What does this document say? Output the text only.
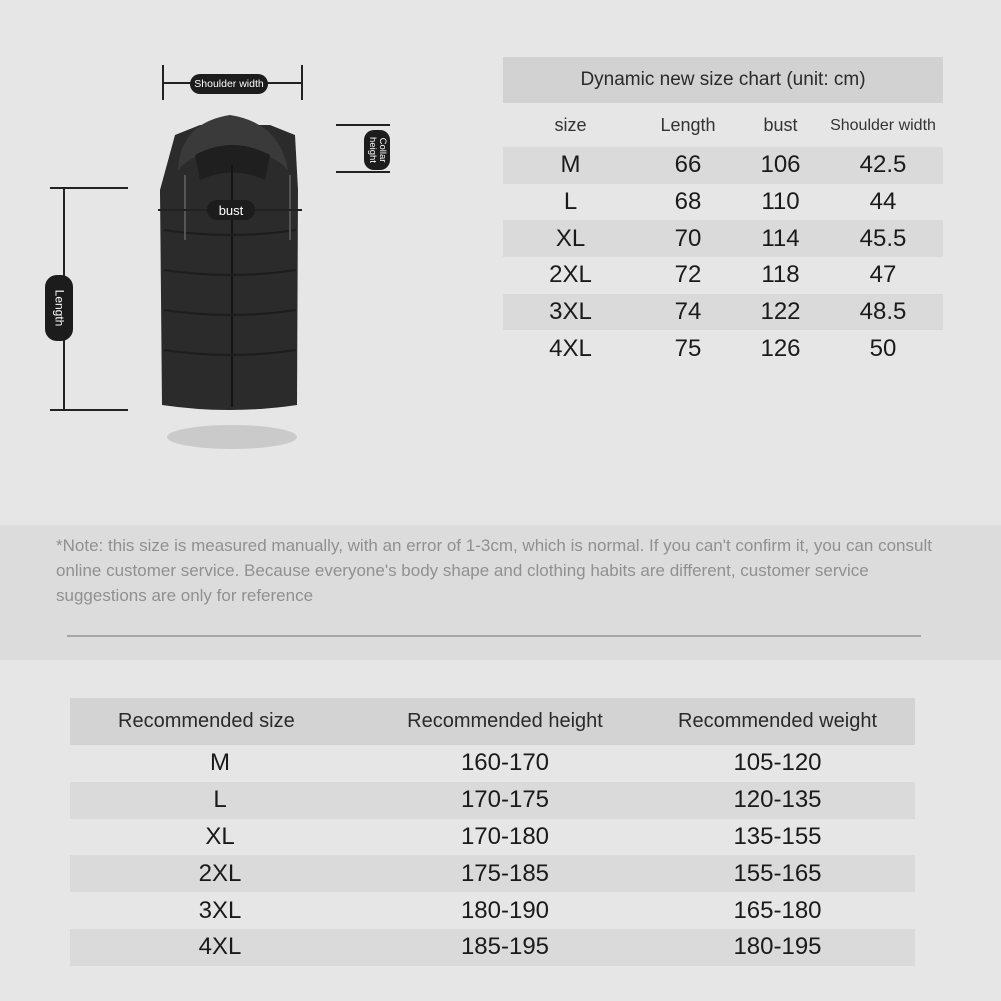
Shoulder width
bust
Length
Collar height
Dynamic new size chart (unit: cm)
size	Length	bust	Shoulder width
M	66	106	42.5
L	68	110	44
XL	70	114	45.5
2XL	72	118	47
3XL	74	122	48.5
4XL	75	126	50
*Note: this size is measured manually, with an error of 1-3cm, which is normal. If you can't confirm it, you can consult online customer service. Because everyone's body shape and clothing habits are different, customer service suggestions are only for reference
Recommended size	Recommended height	Recommended weight
M	160-170	105-120
L	170-175	120-135
XL	170-180	135-155
2XL	175-185	155-165
3XL	180-190	165-180
4XL	185-195	180-195
